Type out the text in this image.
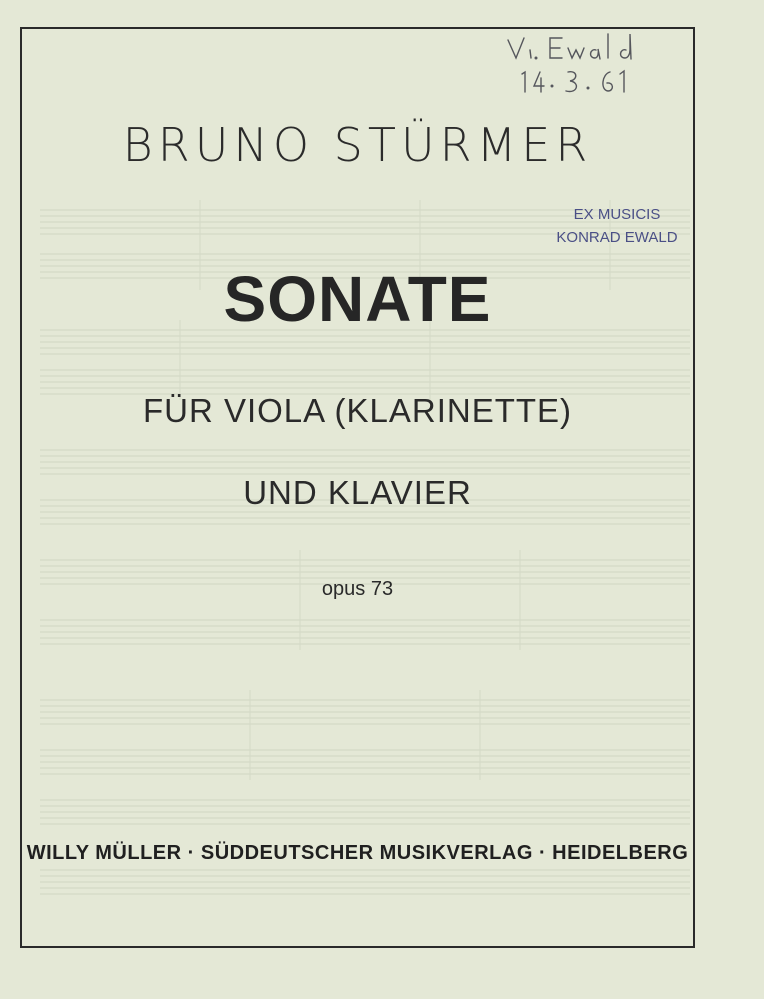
BRUNO STÜRMER
EX MUSICIS
KONRAD EWALD
SONATE
FÜR VIOLA (KLARINETTE)
UND KLAVIER
opus 73
WILLY MÜLLER · SÜDDEUTSCHER MUSIKVERLAG · HEIDELBERG
